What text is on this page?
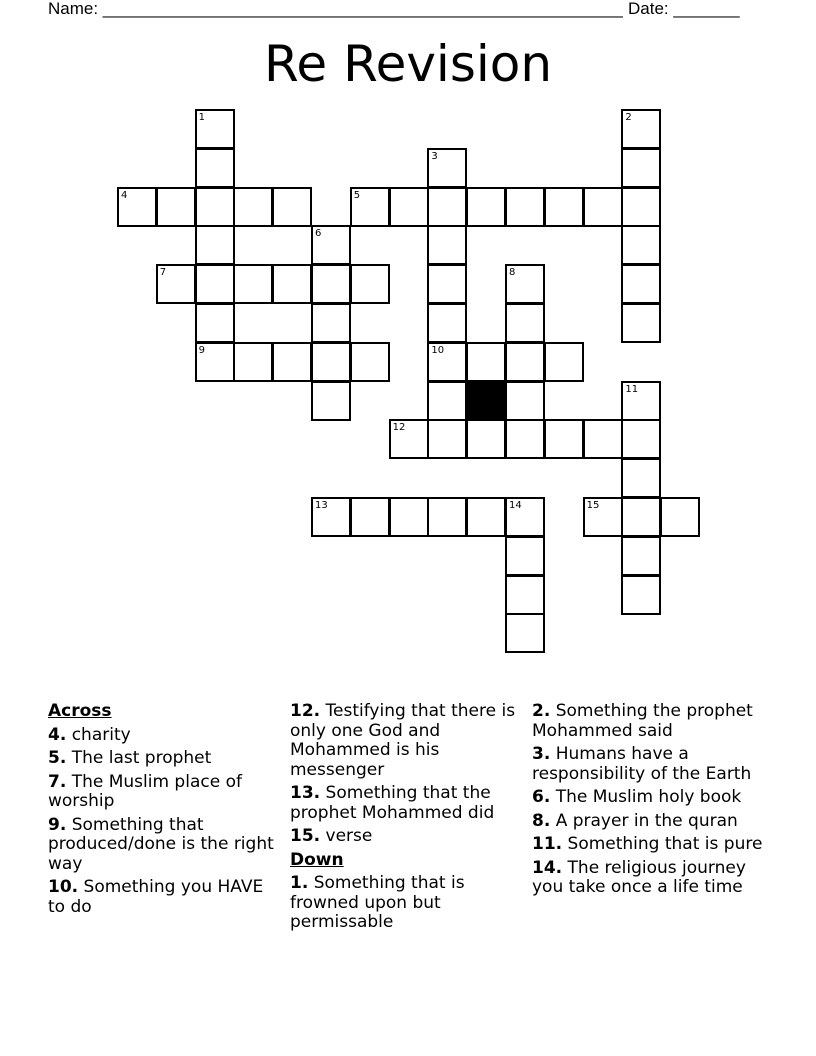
Name: _______________________________________________________ Date: _______
Re Revision
1	2
3
4	5
6
7	8
9	10
11
12
13	14	15
Across
4. charity
5. The last prophet
7. The Muslim place of worship
9. Something that produced/done is the right way
10. Something you HAVE to do
12. Testifying that there is only one God and Mohammed is his messenger
13. Something that the prophet Mohammed did
15. verse
Down
1. Something that is frowned upon but permissable
2. Something the prophet Mohammed said
3. Humans have a responsibility of the Earth
6. The Muslim holy book
8. A prayer in the quran
11. Something that is pure
14. The religious journey you take once a life time
